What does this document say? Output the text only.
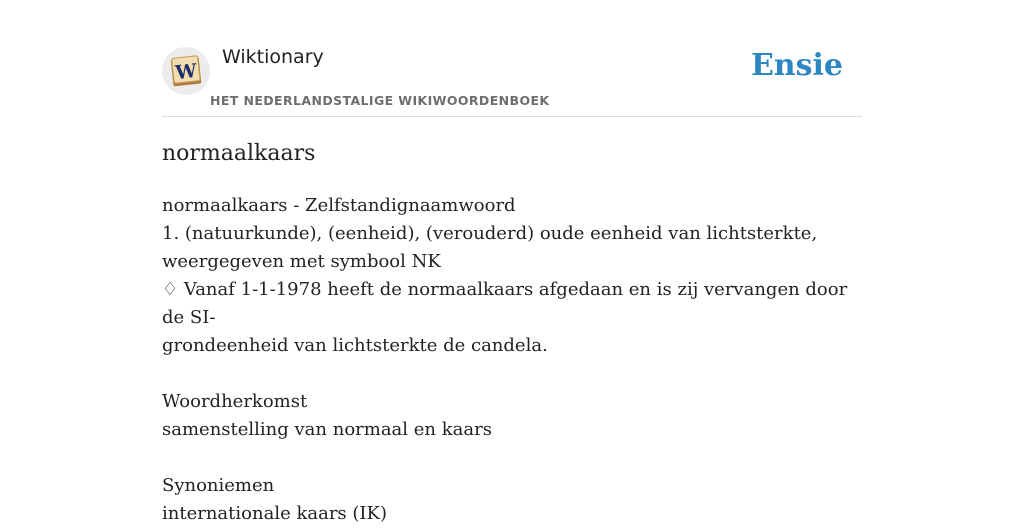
W
Wiktionary
HET NEDERLANDSTALIGE WIKIWOORDENBOEK
Ensie
normaalkaars

normaalkaars - Zelfstandignaamwoord

1. (natuurkunde), (eenheid), (verouderd) oude eenheid van lichtsterkte,

weergegeven met symbool NK

♢ Vanaf 1-1-1978 heeft de normaalkaars afgedaan en is zij vervangen door de SI-

grondeenheid van lichtsterkte de candela.

Woordherkomst

samenstelling van normaal en kaars

Synoniemen

internationale kaars (IK)
